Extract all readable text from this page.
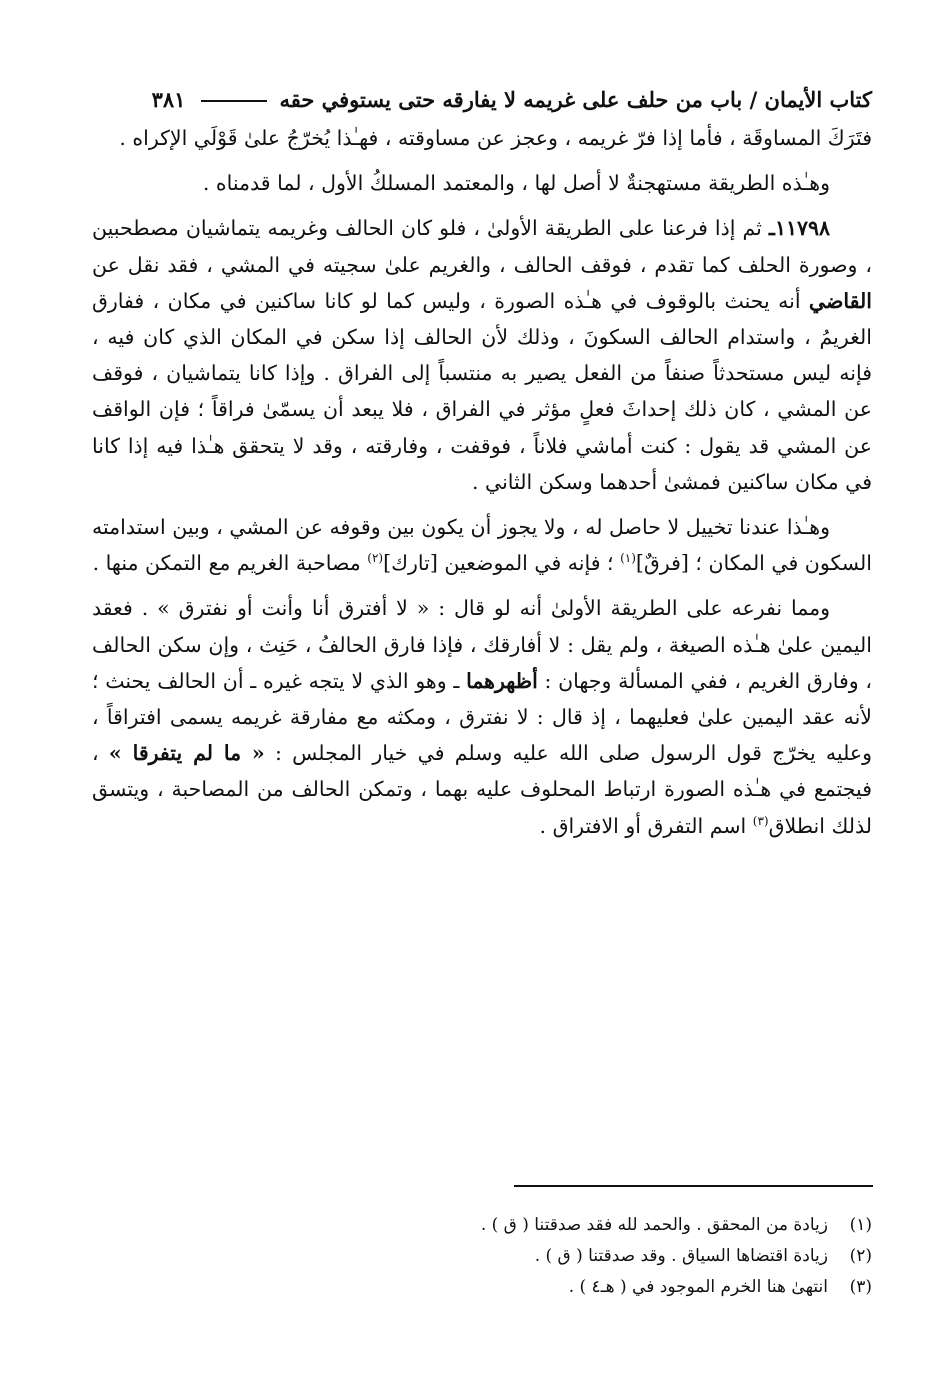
كتاب الأيمان /

باب من حلف على غريمه لا يفارقه حتى يستوفي حقه
٣٨١

فتَرَكَ المساوقَة ، فأما إذا فرّ غريمه ، وعجز عن مساوقته ، فهـٰذا يُخرّجُ علىٰ قَوْلَي الإكراه .

وهـٰذه الطريقة مستهجنةٌ لا أصل لها ، والمعتمد المسلكُ الأول ، لما قدمناه .

١١٧٩٨ـ ثم إذا فرعنا على الطريقة الأولىٰ ، فلو كان الحالف وغريمه يتماشيان مصطحبين ، وصورة الحلف كما تقدم ، فوقف الحالف ، والغريم علىٰ سجيته في المشي ، فقد نقل عن القاضي أنه يحنث بالوقوف في هـٰذه الصورة ، وليس كما لو كانا ساكنين في مكان ، ففارق الغريمُ ، واستدام الحالف السكونَ ، وذلك لأن الحالف إذا سكن في المكان الذي كان فيه ، فإنه ليس مستحدثاً صنفاً من الفعل يصير به منتسباً إلى الفراق . وإذا كانا يتماشيان ، فوقف عن المشي ، كان ذلك إحداثَ فعلٍ مؤثر في الفراق ، فلا يبعد أن يسمّىٰ فراقاً ؛ فإن الواقف عن المشي قد يقول : كنت أماشي فلاناً ، فوقفت ، وفارقته ، وقد لا يتحقق هـٰذا فيه إذا كانا في مكان ساكنين فمشىٰ أحدهما وسكن الثاني .

وهـٰذا عندنا تخييل لا حاصل له ، ولا يجوز أن يكون بين وقوفه عن المشي ، وبين استدامته السكون في المكان ؛ [فرقٌ]$^{(١)}$ ؛ فإنه في الموضعين [تارك]$^{(٢)}$ مصاحبة الغريم مع التمكن منها .

ومما نفرعه على الطريقة الأولىٰ أنه لو قال : « لا أفترق أنا وأنت أو نفترق » . فعقد اليمين علىٰ هـٰذه الصيغة ، ولم يقل : لا أفارقك ، فإذا فارق الحالفُ ، حَنِث ، وإن سكن الحالف ، وفارق الغريم ، ففي المسألة وجهان : أظهرهما ـ وهو الذي لا يتجه غيره ـ أن الحالف يحنث ؛ لأنه عقد اليمين علىٰ فعليهما ، إذ قال : لا نفترق ، ومكثه مع مفارقة غريمه يسمى افتراقاً ، وعليه يخرّج قول الرسول صلى الله عليه وسلم في خيار المجلس : « ما لم يتفرقا » ، فيجتمع في هـٰذه الصورة ارتباط المحلوف عليه بهما ، وتمكن الحالف من المصاحبة ، ويتسق لذلك انطلاق$^{(٣)}$ اسم التفرق أو الافتراق .

(١)
زيادة من المحقق . والحمد لله فقد صدقتنا ( ق ) .
(٢)
زيادة اقتضاها السياق . وقد صدقتنا ( ق ) .
(٣)
انتهىٰ هنا الخرم الموجود في ( هـ٤ ) .
